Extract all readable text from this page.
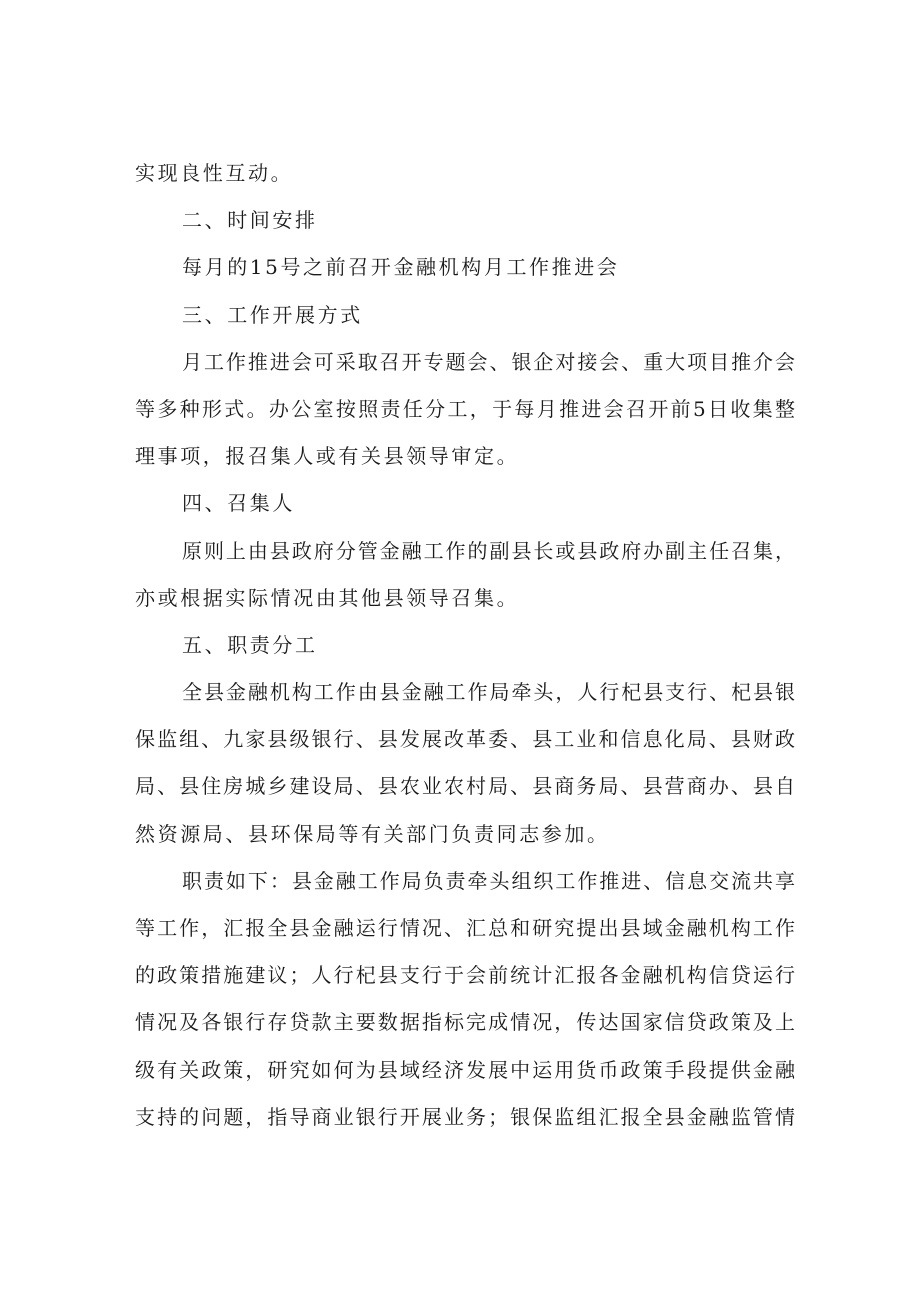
实现良性互动。
二、时间安排
每月的15号之前召开金融机构月工作推进会
三、工作开展方式
月工作推进会可采取召开专题会、银企对接会、重大项目推介会
等多种形式。办公室按照责任分工，于每月推进会召开前5日收集整
理事项，报召集人或有关县领导审定。
四、召集人
原则上由县政府分管金融工作的副县长或县政府办副主任召集，
亦或根据实际情况由其他县领导召集。
五、职责分工
全县金融机构工作由县金融工作局牵头，人行杞县支行、杞县银
保监组、九家县级银行、县发展改革委、县工业和信息化局、县财政
局、县住房城乡建设局、县农业农村局、县商务局、县营商办、县自
然资源局、县环保局等有关部门负责同志参加。
职责如下：县金融工作局负责牵头组织工作推进、信息交流共享
等工作，汇报全县金融运行情况、汇总和研究提出县域金融机构工作
的政策措施建议；人行杞县支行于会前统计汇报各金融机构信贷运行
情况及各银行存贷款主要数据指标完成情况，传达国家信贷政策及上
级有关政策，研究如何为县域经济发展中运用货币政策手段提供金融
支持的问题，指导商业银行开展业务；银保监组汇报全县金融监管情
